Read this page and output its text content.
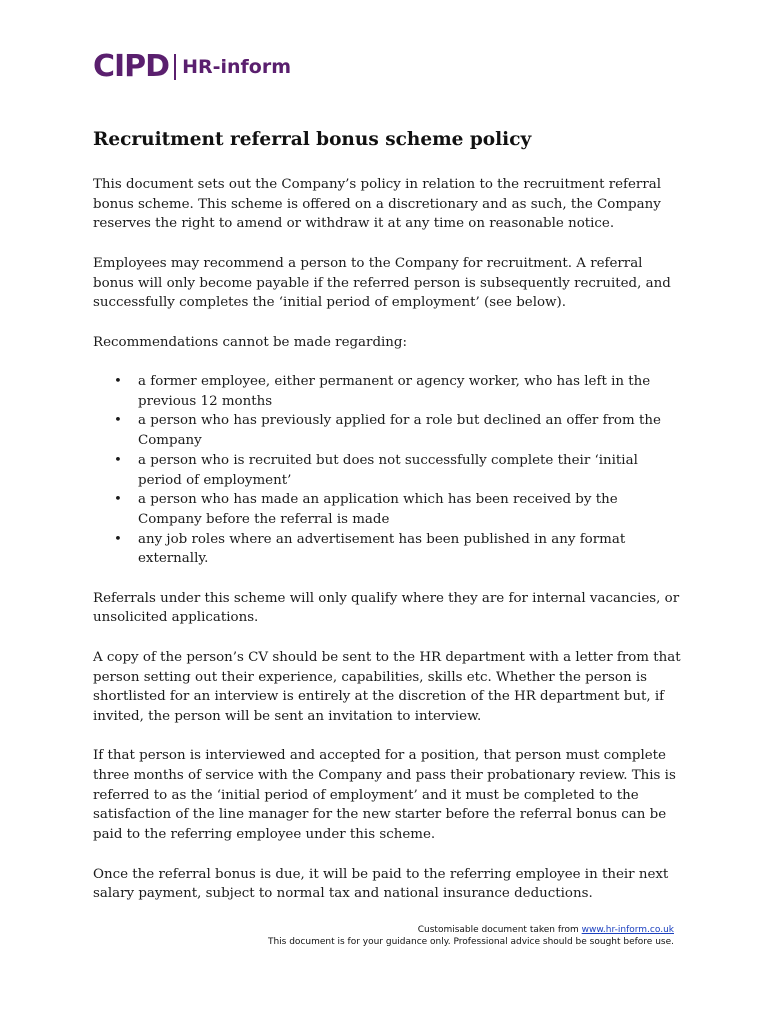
CIPD HR-inform
Recruitment referral bonus scheme policy

This document sets out the Company’s policy in relation to the recruitment referral bonus scheme. This scheme is offered on a discretionary and as such, the Company reserves the right to amend or withdraw it at any time on reasonable notice.

Employees may recommend a person to the Company for recruitment. A referral bonus will only become payable if the referred person is subsequently recruited, and successfully completes the ‘initial period of employment’ (see below).

Recommendations cannot be made regarding:

• a former employee, either permanent or agency worker, who has left in the previous 12 months
• a person who has previously applied for a role but declined an offer from the Company
• a person who is recruited but does not successfully complete their ‘initial period of employment’
• a person who has made an application which has been received by the Company before the referral is made
• any job roles where an advertisement has been published in any format externally.

Referrals under this scheme will only qualify where they are for internal vacancies, or unsolicited applications.

A copy of the person’s CV should be sent to the HR department with a letter from that person setting out their experience, capabilities, skills etc. Whether the person is shortlisted for an interview is entirely at the discretion of the HR department but, if invited, the person will be sent an invitation to interview.

If that person is interviewed and accepted for a position, that person must complete three months of service with the Company and pass their probationary review. This is referred to as the ‘initial period of employment’ and it must be completed to the satisfaction of the line manager for the new starter before the referral bonus can be paid to the referring employee under this scheme.

Once the referral bonus is due, it will be paid to the referring employee in their next salary payment, subject to normal tax and national insurance deductions.

Customisable document taken from www.hr-inform.co.uk
This document is for your guidance only. Professional advice should be sought before use.
